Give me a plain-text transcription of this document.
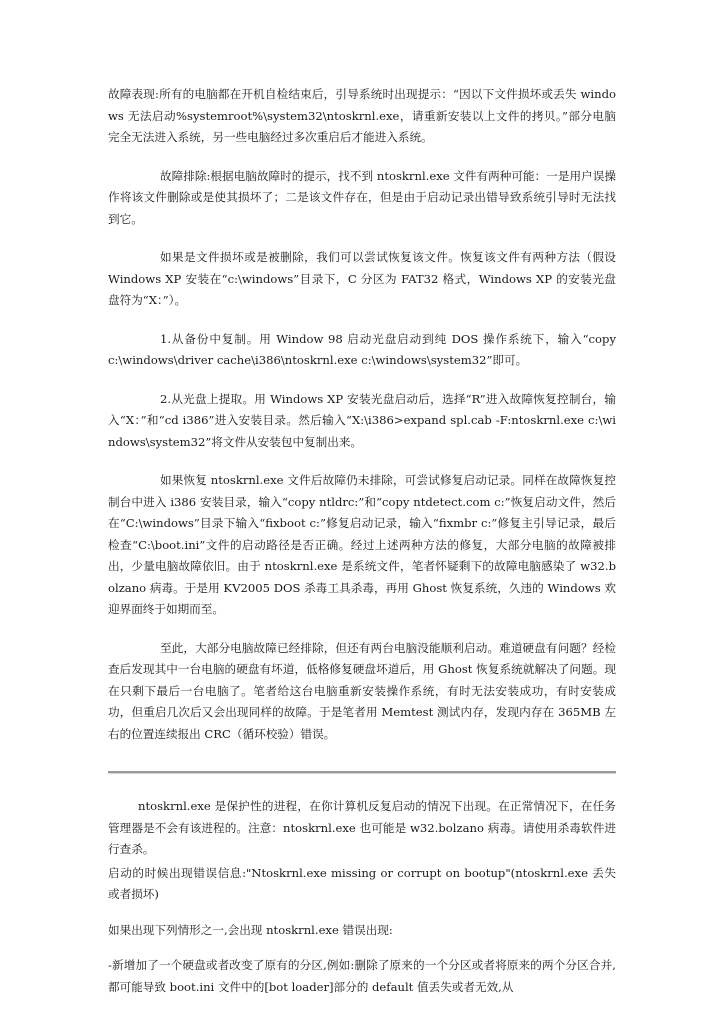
故障表现:所有的电脑都在开机自检结束后，引导系统时出现提示：“因以下文件损坏或丢失 windows 无法启动%systemroot%\system32\ntoskrnl.exe，请重新安装以上文件的拷贝。”部分电脑完全无法进入系统，另一些电脑经过多次重启后才能进入系统。

故障排除:根据电脑故障时的提示，找不到 ntoskrnl.exe 文件有两种可能：一是用户误操作将该文件删除或是使其损坏了；二是该文件存在，但是由于启动记录出错导致系统引导时无法找到它。

如果是文件损坏或是被删除，我们可以尝试恢复该文件。恢复该文件有两种方法（假设 Windows XP 安装在“c:\windows”目录下，C 分区为 FAT32 格式，Windows XP 的安装光盘盘符为“X：”）。

1.从备份中复制。用 Window 98 启动光盘启动到纯 DOS 操作系统下，输入“copy c:\windows\driver cache\i386\ntoskrnl.exe c:\windows\system32”即可。

2.从光盘上提取。用 Windows XP 安装光盘启动后，选择“R”进入故障恢复控制台，输入“X：”和“cd i386”进入安装目录。然后输入“X:\i386>expand spl.cab -F:ntoskrnl.exe c:\windows\system32”将文件从安装包中复制出来。

如果恢复 ntoskrnl.exe 文件后故障仍未排除，可尝试修复启动记录。同样在故障恢复控制台中进入 i386 安装目录，输入“copy ntldrc:”和“copy ntdetect.com c:”恢复启动文件，然后在“C:\windows”目录下输入“fixboot c:”修复启动记录，输入“fixmbr c:”修复主引导记录，最后检查“C:\boot.ini”文件的启动路径是否正确。经过上述两种方法的修复，大部分电脑的故障被排出，少量电脑故障依旧。由于 ntoskrnl.exe 是系统文件，笔者怀疑剩下的故障电脑感染了 w32.bolzano 病毒。于是用 KV2005 DOS 杀毒工具杀毒，再用 Ghost 恢复系统，久违的 Windows 欢迎界面终于如期而至。

至此，大部分电脑故障已经排除，但还有两台电脑没能顺利启动。难道硬盘有问题？经检查后发现其中一台电脑的硬盘有坏道，低格修复硬盘坏道后，用 Ghost 恢复系统就解决了问题。现在只剩下最后一台电脑了。笔者给这台电脑重新安装操作系统，有时无法安装成功，有时安装成功，但重启几次后又会出现同样的故障。于是笔者用 Memtest 测试内存，发现内存在 365MB 左右的位置连续报出 CRC（循环校验）错误。

ntoskrnl.exe 是保护性的进程，在你计算机反复启动的情况下出现。在正常情况下，在任务管理器是不会有该进程的。注意：ntoskrnl.exe 也可能是 w32.bolzano 病毒。请使用杀毒软件进行查杀。

启动的时候出现错误信息:"Ntoskrnl.exe missing or corrupt on bootup"(ntoskrnl.exe 丢失或者损坏)

如果出现下列情形之一,会出现 ntoskrnl.exe 错误出现:

-新增加了一个硬盘或者改变了原有的分区,例如:删除了原来的一个分区或者将原来的两个分区合并,都可能导致 boot.ini 文件中的[bot loader]部分的 default 值丢失或者无效,从
